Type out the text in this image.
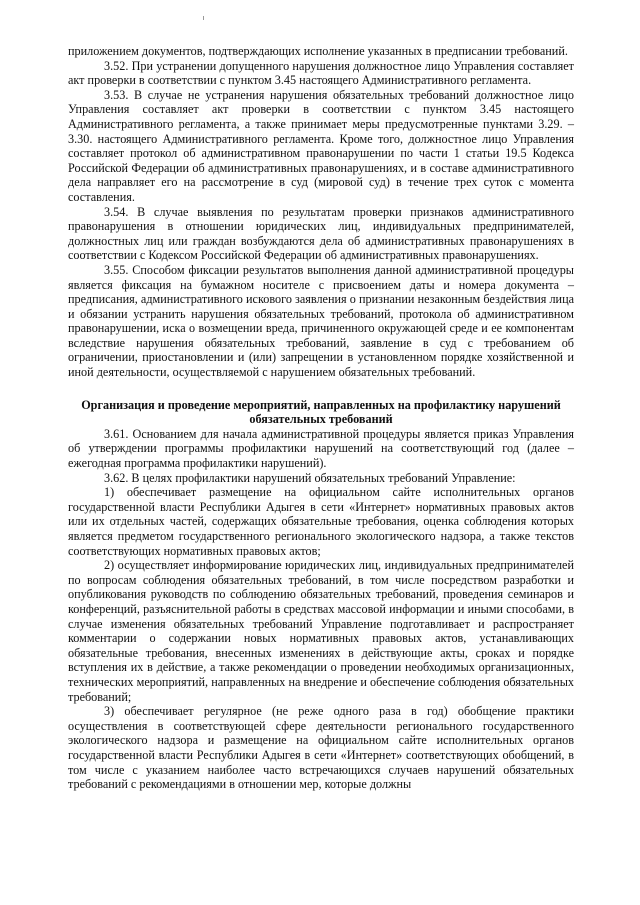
приложением документов, подтверждающих исполнение указанных в предписании требований.

3.52. При устранении допущенного нарушения должностное лицо Управления составляет акт проверки в соответствии с пунктом 3.45 настоящего Административного регламента.

3.53. В случае не устранения нарушения обязательных требований должностное лицо Управления составляет акт проверки в соответствии с пунктом 3.45 настоящего Административного регламента, а также принимает меры предусмотренные пунктами 3.29. – 3.30. настоящего Административного регламента. Кроме того, должностное лицо Управления составляет протокол об административном правонарушении по части 1 статьи 19.5 Кодекса Российской Федерации об административных правонарушениях, и в составе административного дела направляет его на рассмотрение в суд (мировой суд) в течение трех суток с момента составления.

3.54. В случае выявления по результатам проверки признаков административного правонарушения в отношении юридических лиц, индивидуальных предпринимателей, должностных лиц или граждан возбуждаются дела об административных правонарушениях в соответствии с Кодексом Российской Федерации об административных правонарушениях.

3.55. Способом фиксации результатов выполнения данной административной процедуры является фиксация на бумажном носителе с присвоением даты и номера документа – предписания, административного искового заявления о признании незаконным бездействия лица и обязании устранить нарушения обязательных требований, протокола об административном правонарушении, иска о возмещении вреда, причиненного окружающей среде и ее компонентам вследствие нарушения обязательных требований, заявление в суд с требованием об ограничении, приостановлении и (или) запрещении в установленном порядке хозяйственной и иной деятельности, осуществляемой с нарушением обязательных требований.

Организация и проведение мероприятий, направленных на профилактику нарушений обязательных требований

3.61. Основанием для начала административной процедуры является приказ Управления об утверждении программы профилактики нарушений на соответствующий год (далее – ежегодная программа профилактики нарушений).

3.62. В целях профилактики нарушений обязательных требований Управление:

1) обеспечивает размещение на официальном сайте исполнительных органов государственной власти Республики Адыгея в сети «Интернет» нормативных правовых актов или их отдельных частей, содержащих обязательные требования, оценка соблюдения которых является предметом государственного регионального экологического надзора, а также текстов соответствующих нормативных правовых актов;

2) осуществляет информирование юридических лиц, индивидуальных предпринимателей по вопросам соблюдения обязательных требований, в том числе посредством разработки и опубликования руководств по соблюдению обязательных требований, проведения семинаров и конференций, разъяснительной работы в средствах массовой информации и иными способами, в случае изменения обязательных требований Управление подготавливает и распространяет комментарии о содержании новых нормативных правовых актов, устанавливающих обязательные требования, внесенных изменениях в действующие акты, сроках и порядке вступления их в действие, а также рекомендации о проведении необходимых организационных, технических мероприятий, направленных на внедрение и обеспечение соблюдения обязательных требований;

3) обеспечивает регулярное (не реже одного раза в год) обобщение практики осуществления в соответствующей сфере деятельности регионального государственного экологического надзора и размещение на официальном сайте исполнительных органов государственной власти Республики Адыгея в сети «Интернет» соответствующих обобщений, в том числе с указанием наиболее часто встречающихся случаев нарушений обязательных требований с рекомендациями в отношении мер, которые должны
